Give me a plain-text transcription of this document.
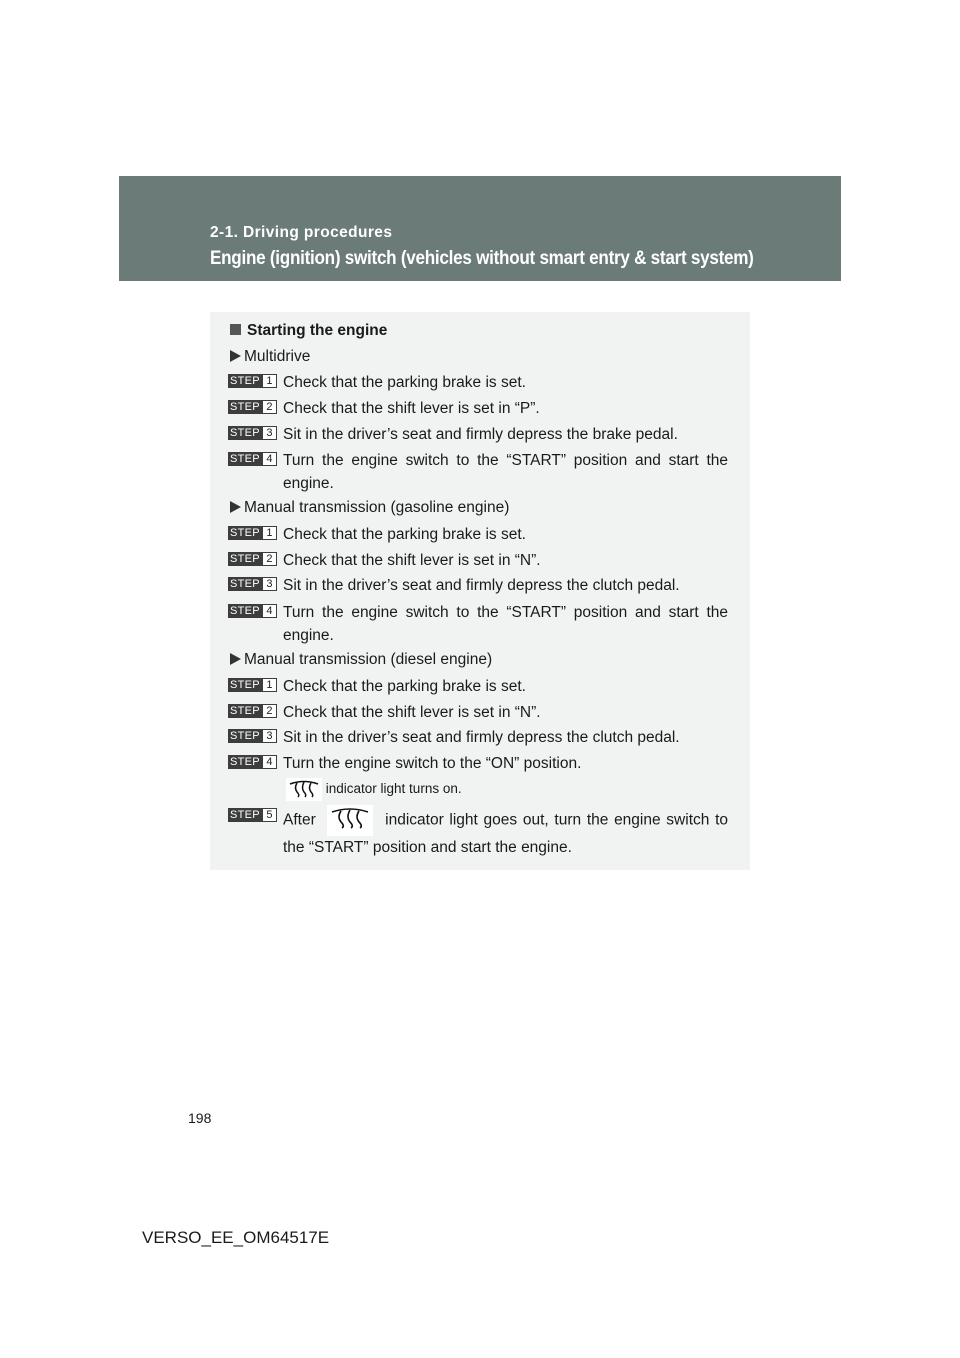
2-1. Driving procedures
Engine (ignition) switch (vehicles without smart entry & start system)
Starting the engine
Multidrive
STEP 1 Check that the parking brake is set.
STEP 2 Check that the shift lever is set in “P”.
STEP 3 Sit in the driver’s seat and firmly depress the brake pedal.
STEP 4 Turn the engine switch to the “START” position and start the engine.
Manual transmission (gasoline engine)
STEP 1 Check that the parking brake is set.
STEP 2 Check that the shift lever is set in “N”.
STEP 3 Sit in the driver’s seat and firmly depress the clutch pedal.
STEP 4 Turn the engine switch to the “START” position and start the engine.
Manual transmission (diesel engine)
STEP 1 Check that the parking brake is set.
STEP 2 Check that the shift lever is set in “N”.
STEP 3 Sit in the driver’s seat and firmly depress the clutch pedal.
STEP 4 Turn the engine switch to the “ON” position.
indicator light turns on.
STEP 5 After	indicator light goes out, turn the engine switch to the “START” position and start the engine.
198
VERSO_EE_OM64517E
